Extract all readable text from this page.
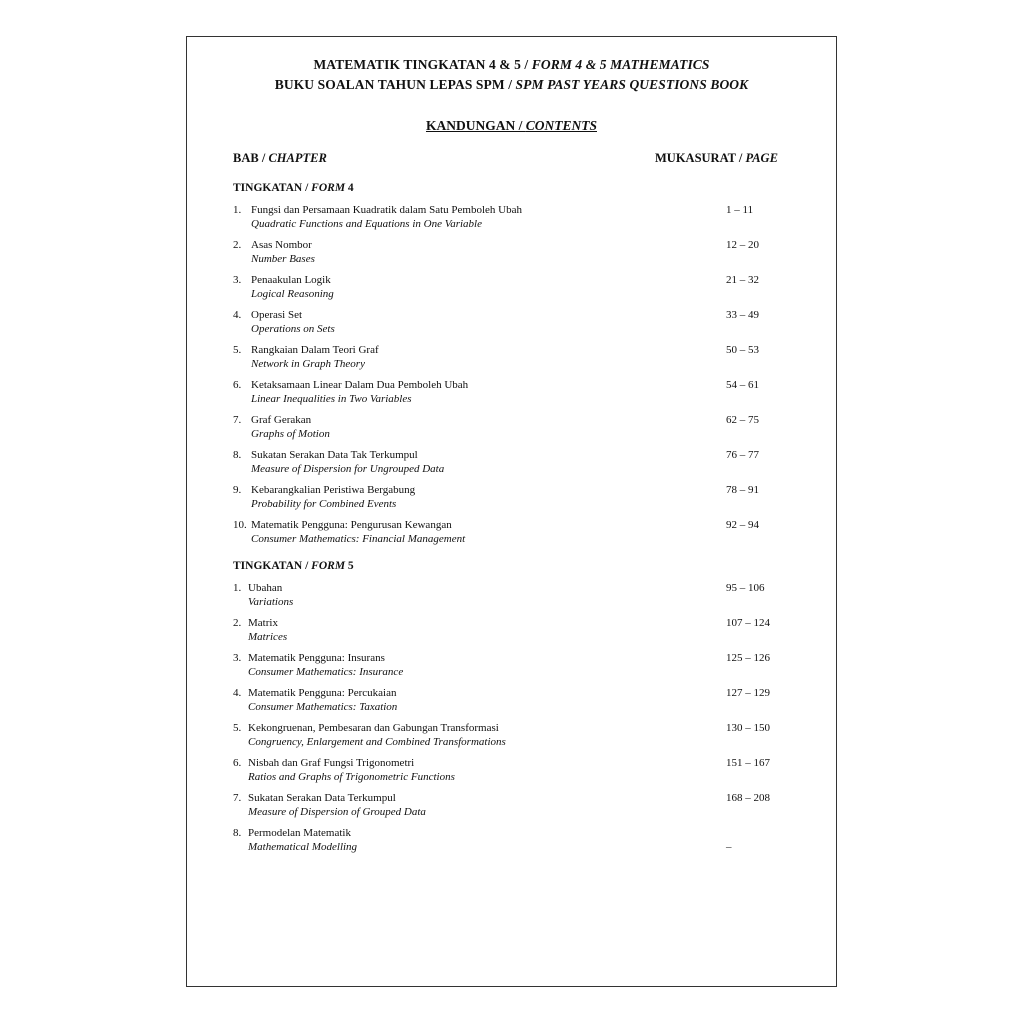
MATEMATIK TINGKATAN 4 & 5 / FORM 4 & 5 MATHEMATICS
BUKU SOALAN TAHUN LEPAS SPM / SPM PAST YEARS QUESTIONS BOOK
KANDUNGAN / CONTENTS
BAB / CHAPTER	MUKASURAT / PAGE
TINGKATAN / FORM 4
1. Fungsi dan Persamaan Kuadratik dalam Satu Pemboleh Ubah
Quadratic Functions and Equations in One Variable
1 – 11
2. Asas Nombor
Number Bases
12 – 20
3. Penaakulan Logik
Logical Reasoning
21 – 32
4. Operasi Set
Operations on Sets
33 – 49
5. Rangkaian Dalam Teori Graf
Network in Graph Theory
50 – 53
6. Ketaksamaan Linear Dalam Dua Pemboleh Ubah
Linear Inequalities in Two Variables
54 – 61
7. Graf Gerakan
Graphs of Motion
62 – 75
8. Sukatan Serakan Data Tak Terkumpul
Measure of Dispersion for Ungrouped Data
76 – 77
9. Kebarangkalian Peristiwa Bergabung
Probability for Combined Events
78 – 91
10. Matematik Pengguna: Pengurusan Kewangan
Consumer Mathematics: Financial Management
92 – 94
TINGKATAN / FORM 5
1. Ubahan
Variations
95 – 106
2. Matrix
Matrices
107 – 124
3. Matematik Pengguna: Insurans
Consumer Mathematics: Insurance
125 – 126
4. Matematik Pengguna: Percukaian
Consumer Mathematics: Taxation
127 – 129
5. Kekongruenan, Pembesaran dan Gabungan Transformasi
Congruency, Enlargement and Combined Transformations
130 – 150
6. Nisbah dan Graf Fungsi Trigonometri
Ratios and Graphs of Trigonometric Functions
151 – 167
7. Sukatan Serakan Data Terkumpul
Measure of Dispersion of Grouped Data
168 – 208
8. Permodelan Matematik
Mathematical Modelling	–
